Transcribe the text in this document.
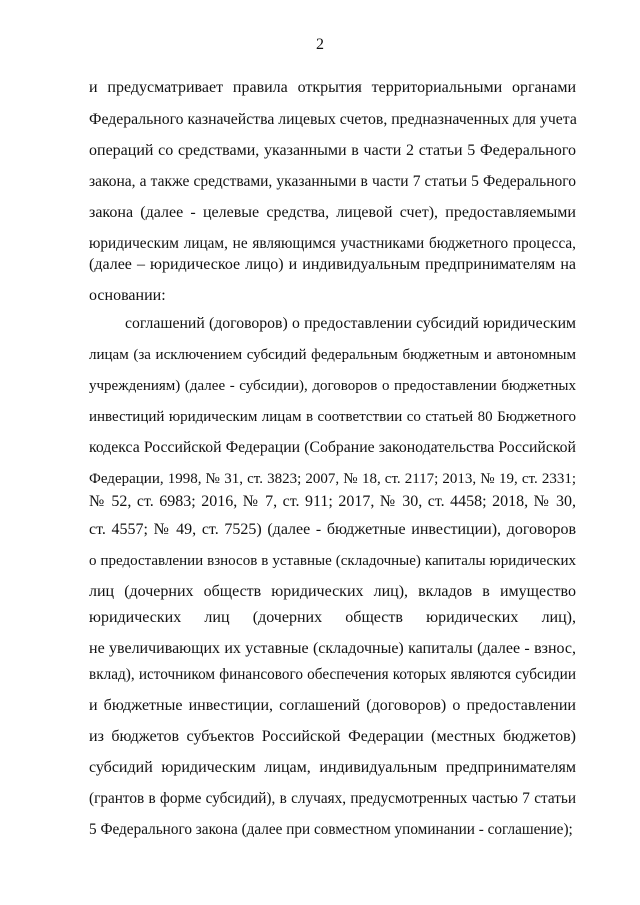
2
и предусматривает правила открытия территориальными органами
Федерального казначейства лицевых счетов, предназначенных для учета
операций со средствами, указанными в части 2 статьи 5 Федерального
закона, а также средствами, указанными в части 7 статьи 5 Федерального
закона (далее - целевые средства, лицевой счет), предоставляемыми
юридическим лицам, не являющимся участниками бюджетного процесса,
(далее – юридическое лицо) и индивидуальным предпринимателям на
основании:
соглашений (договоров) о предоставлении субсидий юридическим
лицам (за исключением субсидий федеральным бюджетным и автономным
учреждениям) (далее - субсидии), договоров о предоставлении бюджетных
инвестиций юридическим лицам в соответствии со статьей 80 Бюджетного
кодекса Российской Федерации (Собрание законодательства Российской
Федерации, 1998, № 31, ст. 3823; 2007, № 18, ст. 2117; 2013, № 19, ст. 2331;
№ 52, ст. 6983; 2016, № 7, ст. 911; 2017, № 30, ст. 4458; 2018, № 30,
ст. 4557; № 49, ст. 7525) (далее - бюджетные инвестиции), договоров
о предоставлении взносов в уставные (складочные) капиталы юридических
лиц (дочерних обществ юридических лиц), вкладов в имущество
юридических лиц (дочерних обществ юридических лиц),
не увеличивающих их уставные (складочные) капиталы (далее - взнос,
вклад), источником финансового обеспечения которых являются субсидии
и бюджетные инвестиции, соглашений (договоров) о предоставлении
из бюджетов субъектов Российской Федерации (местных бюджетов)
субсидий юридическим лицам, индивидуальным предпринимателям
(грантов в форме субсидий), в случаях, предусмотренных частью 7 статьи
5 Федерального закона (далее при совместном упоминании - соглашение);
